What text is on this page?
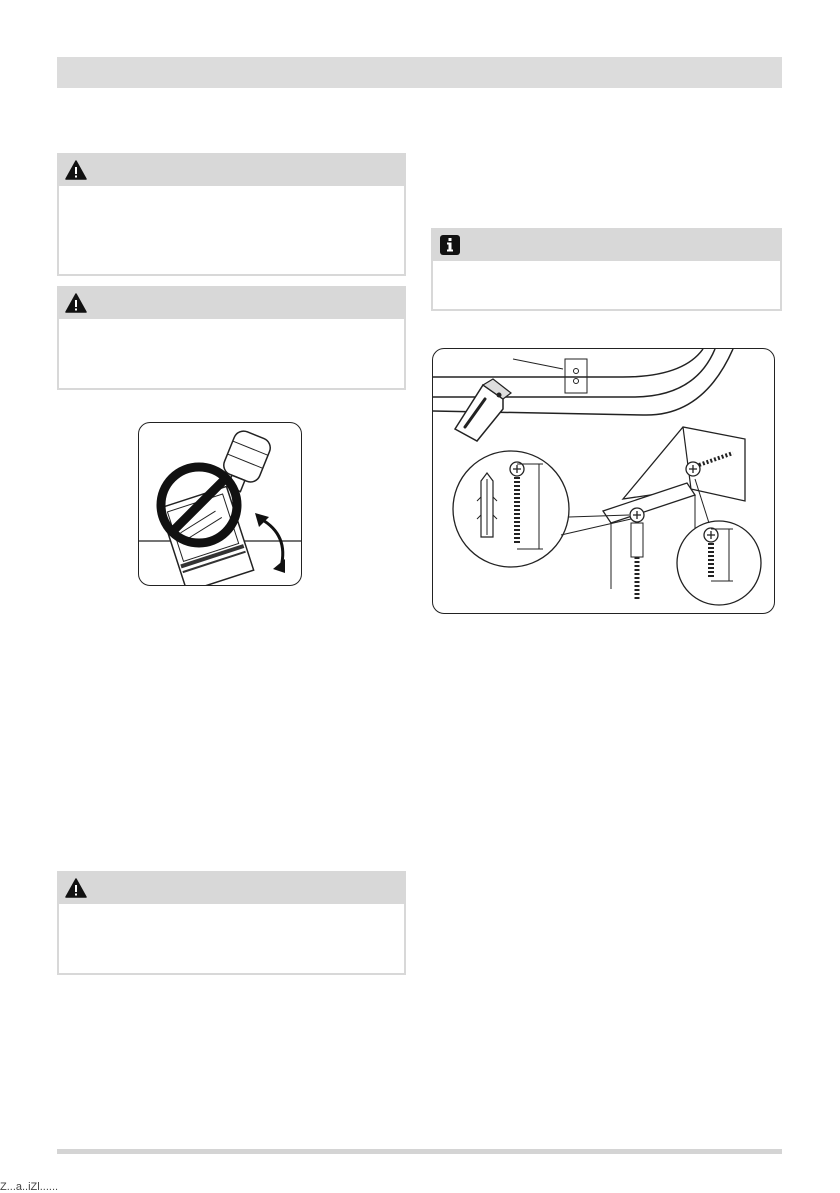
Z...a..iZl......
